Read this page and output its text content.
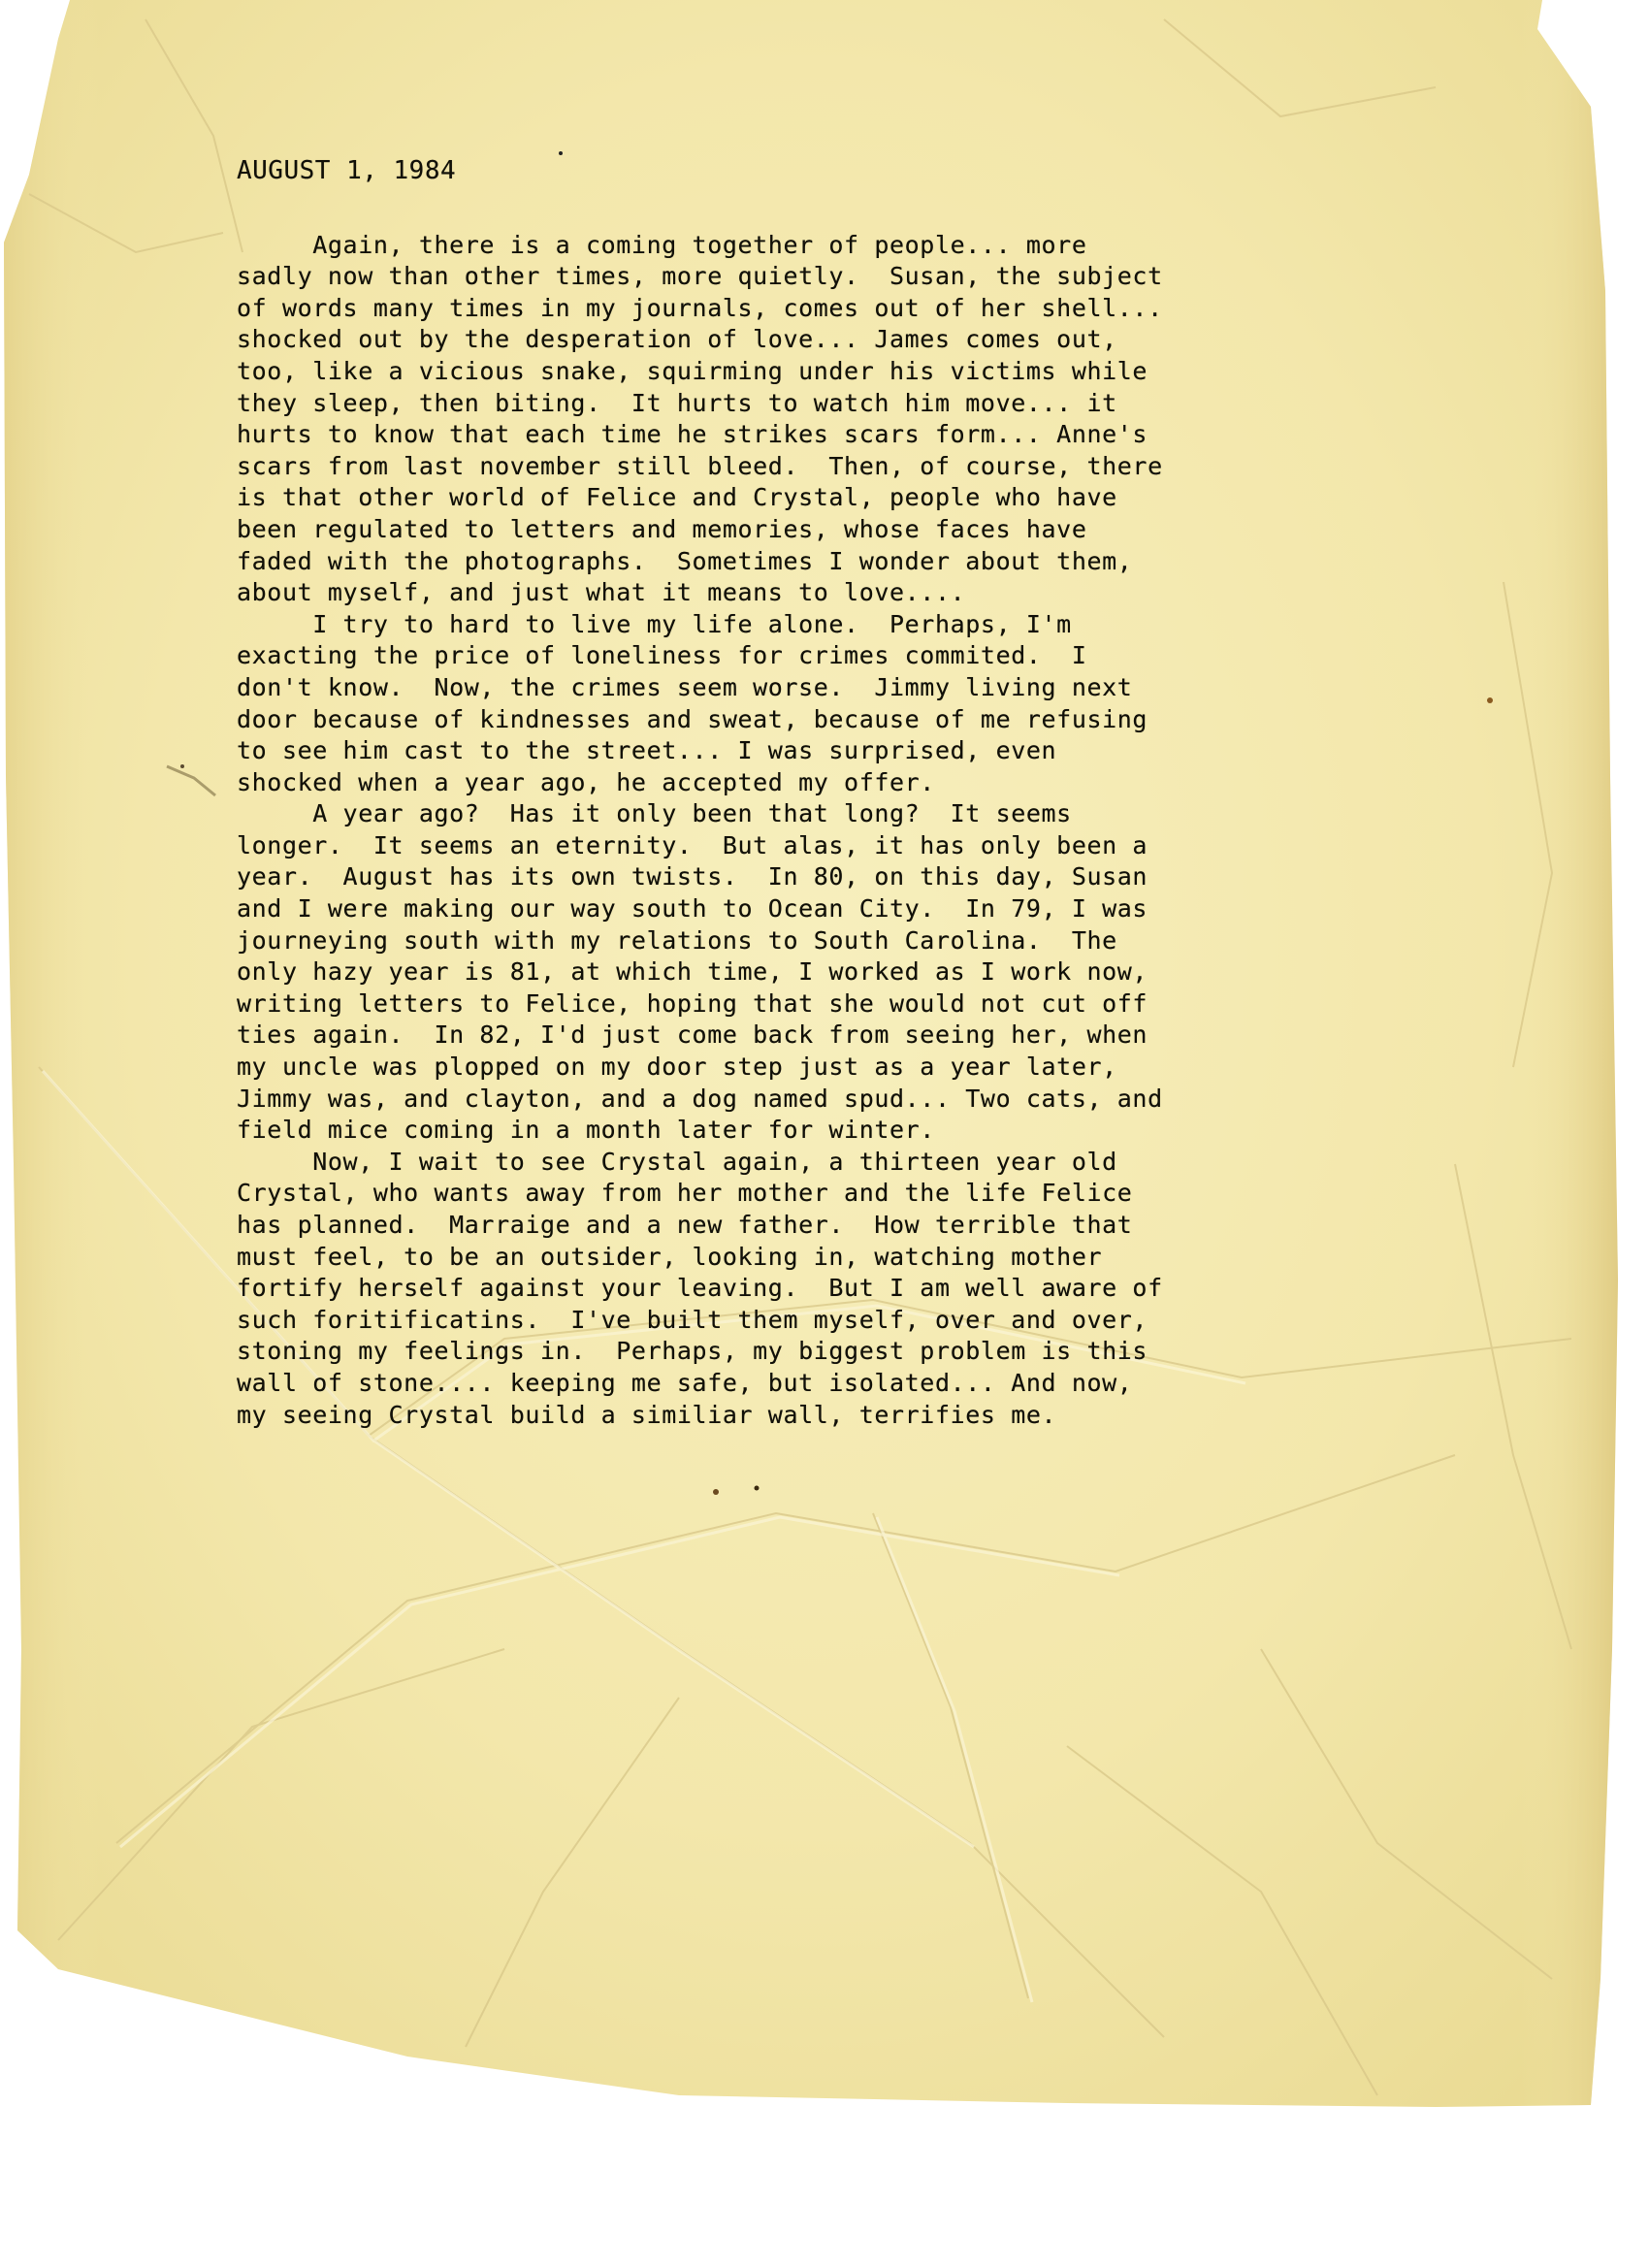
AUGUST 1, 1984
Again, there is a coming together of people... more
sadly now than other times, more quietly.  Susan, the subject
of words many times in my journals, comes out of her shell...
shocked out by the desperation of love... James comes out,
too, like a vicious snake, squirming under his victims while
they sleep, then biting.  It hurts to watch him move... it
hurts to know that each time he strikes scars form... Anne's
scars from last november still bleed.  Then, of course, there
is that other world of Felice and Crystal, people who have
been regulated to letters and memories, whose faces have
faded with the photographs.  Sometimes I wonder about them,
about myself, and just what it means to love....
I try to hard to live my life alone.  Perhaps, I'm
exacting the price of loneliness for crimes commited.  I
don't know.  Now, the crimes seem worse.  Jimmy living next
door because of kindnesses and sweat, because of me refusing
to see him cast to the street... I was surprised, even
shocked when a year ago, he accepted my offer.
A year ago?  Has it only been that long?  It seems
longer.  It seems an eternity.  But alas, it has only been a
year.  August has its own twists.  In 80, on this day, Susan
and I were making our way south to Ocean City.  In 79, I was
journeying south with my relations to South Carolina.  The
only hazy year is 81, at which time, I worked as I work now,
writing letters to Felice, hoping that she would not cut off
ties again.  In 82, I'd just come back from seeing her, when
my uncle was plopped on my door step just as a year later,
Jimmy was, and clayton, and a dog named spud... Two cats, and
field mice coming in a month later for winter.
Now, I wait to see Crystal again, a thirteen year old
Crystal, who wants away from her mother and the life Felice
has planned.  Marraige and a new father.  How terrible that
must feel, to be an outsider, looking in, watching mother
fortify herself against your leaving.  But I am well aware of
such foritificatins.  I've built them myself, over and over,
stoning my feelings in.  Perhaps, my biggest problem is this
wall of stone.... keeping me safe, but isolated... And now,
my seeing Crystal build a similiar wall, terrifies me.
